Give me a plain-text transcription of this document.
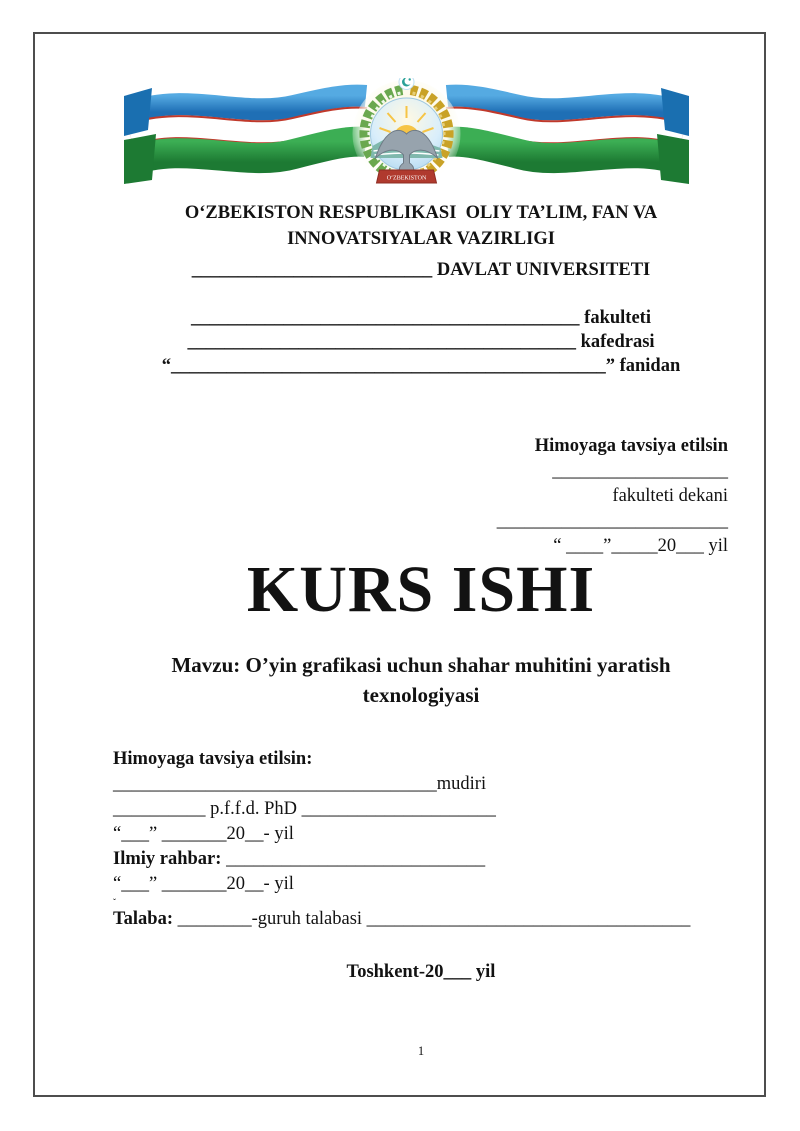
O‘ZBEKISTON
O‘ZBEKISTON RESPUBLIKASI  OLIY TA’LIM, FAN VA
INNOVATSIYALAR VAZIRLIGI
__________________________ DAVLAT UNIVERSITETI
__________________________________________ fakulteti
__________________________________________ kafedrasi
“_______________________________________________” fanidan
Himoyaga tavsiya etilsin
___________________
fakulteti dekani
_________________________
“ ____”_____20___ yil
KURS ISHI
Mavzu: O’yin grafikasi uchun shahar muhitini yaratish
texnologiyasi
Himoyaga tavsiya etilsin:
___________________________________mudiri
__________ p.f.f.d. PhD _____________________
“___” _______20__- yil
Ilmiy rahbar: ____________________________
“___” _______20__- yil
ˇ
Talaba: ________-guruh talabasi ___________________________________
Toshkent-20___ yil
1
